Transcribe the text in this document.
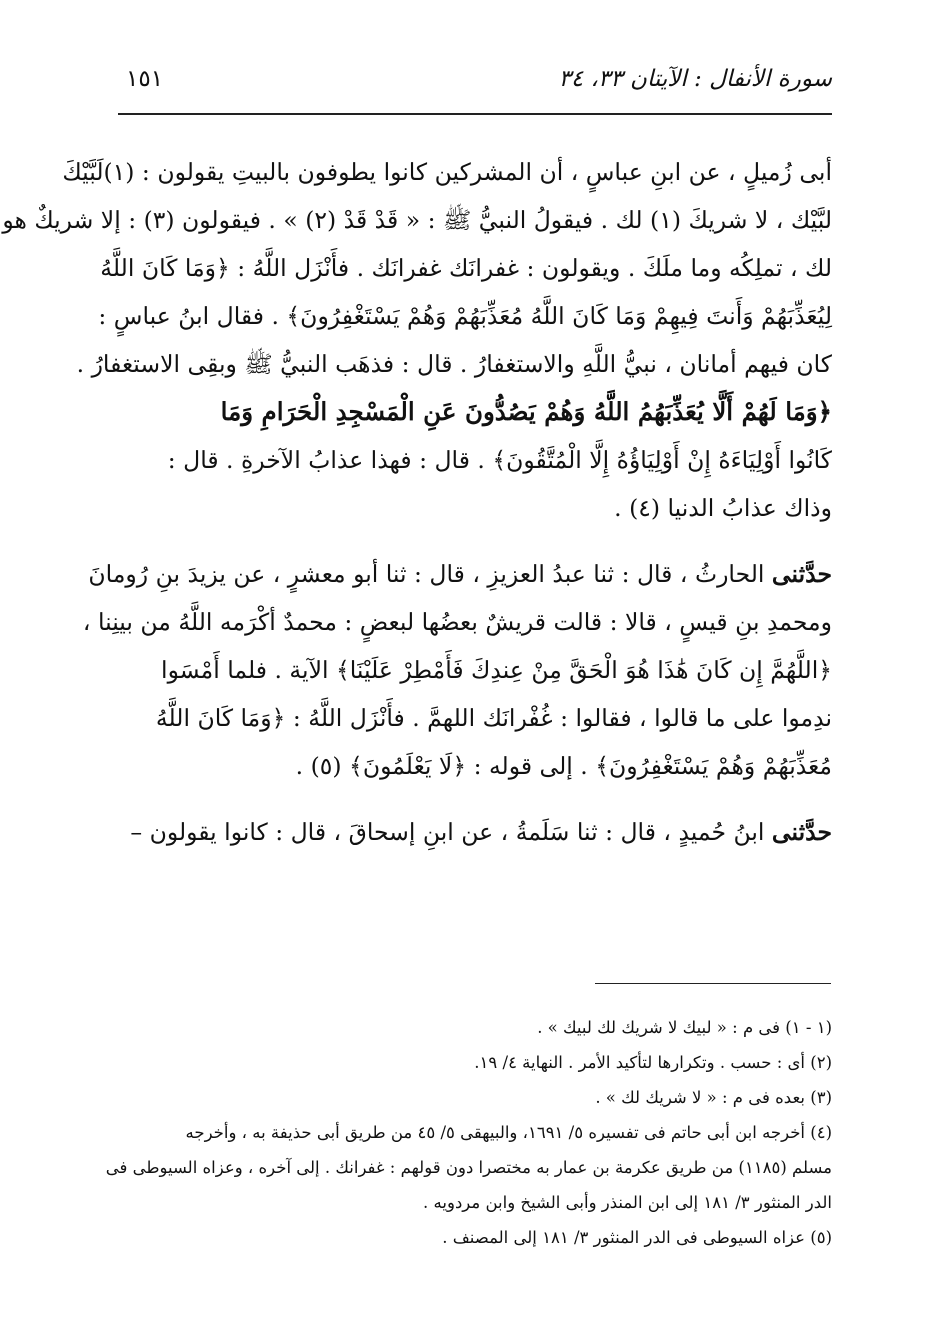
سورة الأنفال : الآيتان ٣٣، ٣٤
١٥١
أبى زُميلٍ ، عن ابنِ عباسٍ ، أن المشركين كانوا يطوفون بالبيتِ يقولون : (١)لَبَّيْكَ
لبَّيْك ، لا شريكَ (١) لك . فيقولُ النبيُّ ﷺ : « قَدْ قَدْ (٢) » . فيقولون (٣) : إلا شريكٌ هو
لك ، تملِكُه وما ملَكَ . ويقولون : غفرانَك غفرانَك . فأَنْزَل اللَّهُ : ﴿وَمَا كَانَ اللَّهُ
لِيُعَذِّبَهُمْ وَأَنتَ فِيهِمْ وَمَا كَانَ اللَّهُ مُعَذِّبَهُمْ وَهُمْ يَسْتَغْفِرُونَ﴾ . فقال ابنُ عباسٍ :
كان فيهم أمانان ، نبيُّ اللَّهِ والاستغفارُ . قال : فذهَب النبيُّ ﷺ وبقِى الاستغفارُ .
﴿وَمَا لَهُمْ أَلَّا يُعَذِّبَهُمُ اللَّهُ وَهُمْ يَصُدُّونَ عَنِ الْمَسْجِدِ الْحَرَامِ وَمَا
كَانُوا أَوْلِيَاءَهُ إِنْ أَوْلِيَاؤُهُ إِلَّا الْمُتَّقُونَ﴾ . قال : فهذا عذابُ الآخرةِ . قال :
وذاك عذابُ الدنيا (٤) .
حدَّثنى الحارثُ ، قال : ثنا عبدُ العزيزِ ، قال : ثنا أبو معشرٍ ، عن يزيدَ بنِ رُومانَ
ومحمدِ بنِ قيسٍ ، قالا : قالت قريشٌ بعضُها لبعضٍ : محمدٌ أكْرَمه اللَّهُ من بينِنا ،
﴿اللَّهُمَّ إِن كَانَ هَٰذَا هُوَ الْحَقَّ مِنْ عِندِكَ فَأَمْطِرْ عَلَيْنَا﴾ الآية . فلما أَمْسَوا
ندِموا على ما قالوا ، فقالوا : غُفْرانَك اللهمَّ . فأَنْزَل اللَّهُ : ﴿وَمَا كَانَ اللَّهُ
مُعَذِّبَهُمْ وَهُمْ يَسْتَغْفِرُونَ﴾ . إلى قوله : ﴿لَا يَعْلَمُونَ﴾ (٥) .
حدَّثنى ابنُ حُميدٍ ، قال : ثنا سَلَمةُ ، عن ابنِ إسحاقَ ، قال : كانوا يقولون –
(١ - ١) فى م : « لبيك لا شريك لك لبيك » .
(٢) أى : حسب . وتكرارها لتأكيد الأمر . النهاية ٤/ ١٩.
(٣) بعده فى م : « لا شريك لك » .
(٤) أخرجه ابن أبى حاتم فى تفسيره ٥/ ١٦٩١، والبيهقى ٥/ ٤٥ من طريق أبى حذيفة به ، وأخرجه
مسلم (١١٨٥) من طريق عكرمة بن عمار به مختصرا دون قولهم : غفرانك . إلى آخره ، وعزاه السيوطى فى
الدر المنثور ٣/ ١٨١ إلى ابن المنذر وأبى الشيخ وابن مردويه .
(٥) عزاه السيوطى فى الدر المنثور ٣/ ١٨١ إلى المصنف .
